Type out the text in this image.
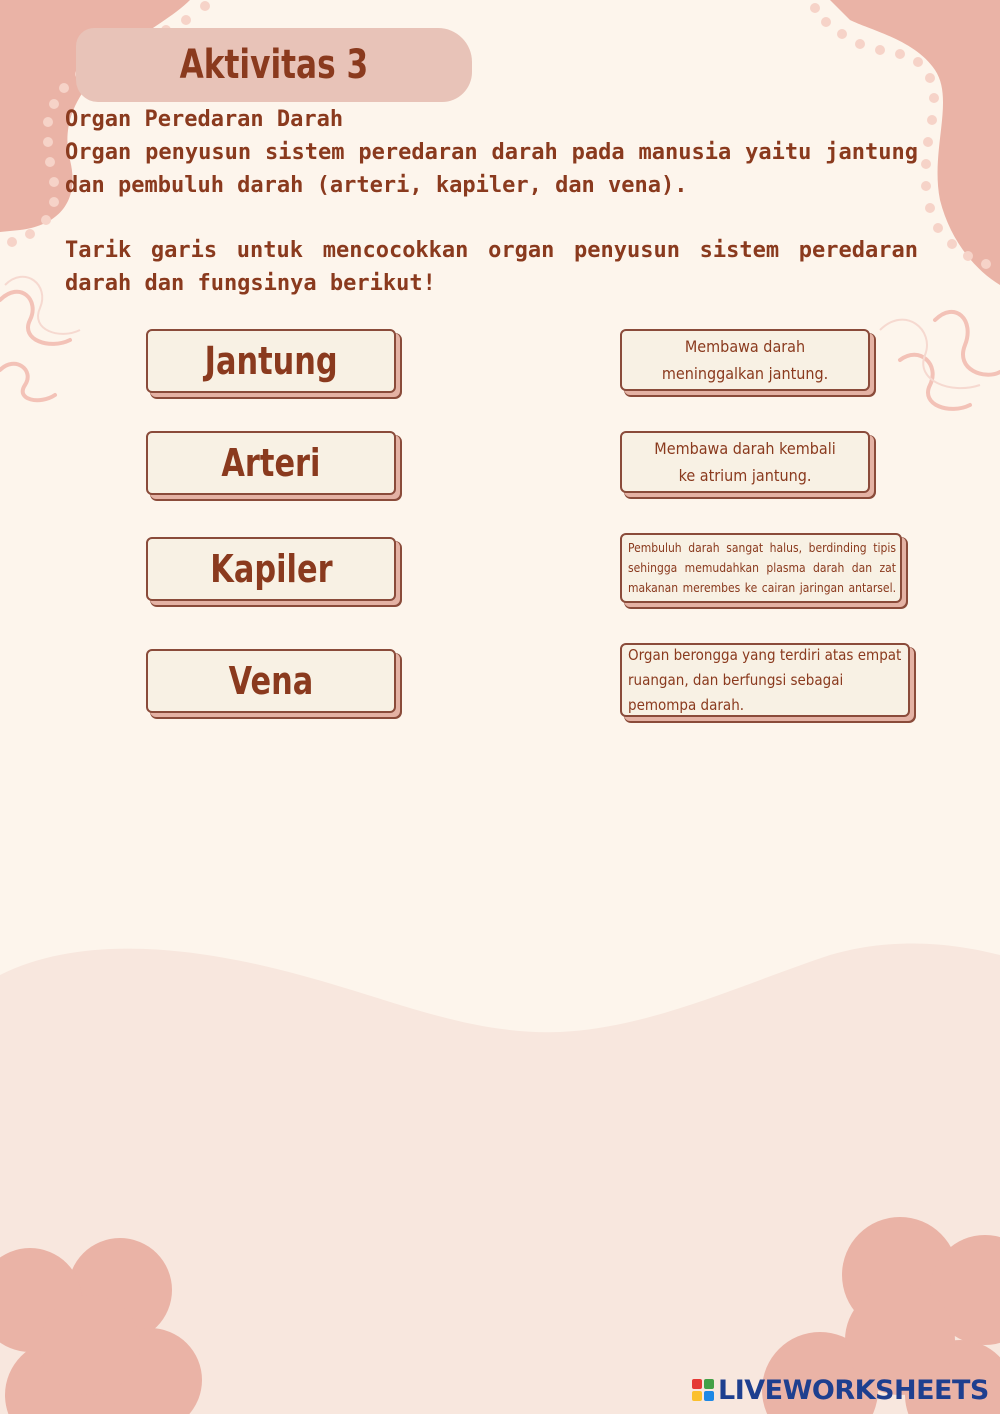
Aktivitas 3
Organ Peredaran Darah
Organ penyusun sistem peredaran darah pada manusia yaitu jantung dan pembuluh darah (arteri, kapiler, dan vena).
Tarik garis untuk mencocokkan organ penyusun sistem peredaran darah dan fungsinya berikut!
Jantung
Arteri
Kapiler
Vena
Membawa darah meninggalkan jantung.
Membawa darah kembali ke atrium jantung.
Pembuluh darah sangat halus, berdinding tipis sehingga memudahkan plasma darah dan zat makanan merembes ke cairan jaringan antarsel.
Organ berongga yang terdiri atas empat ruangan, dan berfungsi sebagai pemompa darah.
LIVEWORKSHEETS
